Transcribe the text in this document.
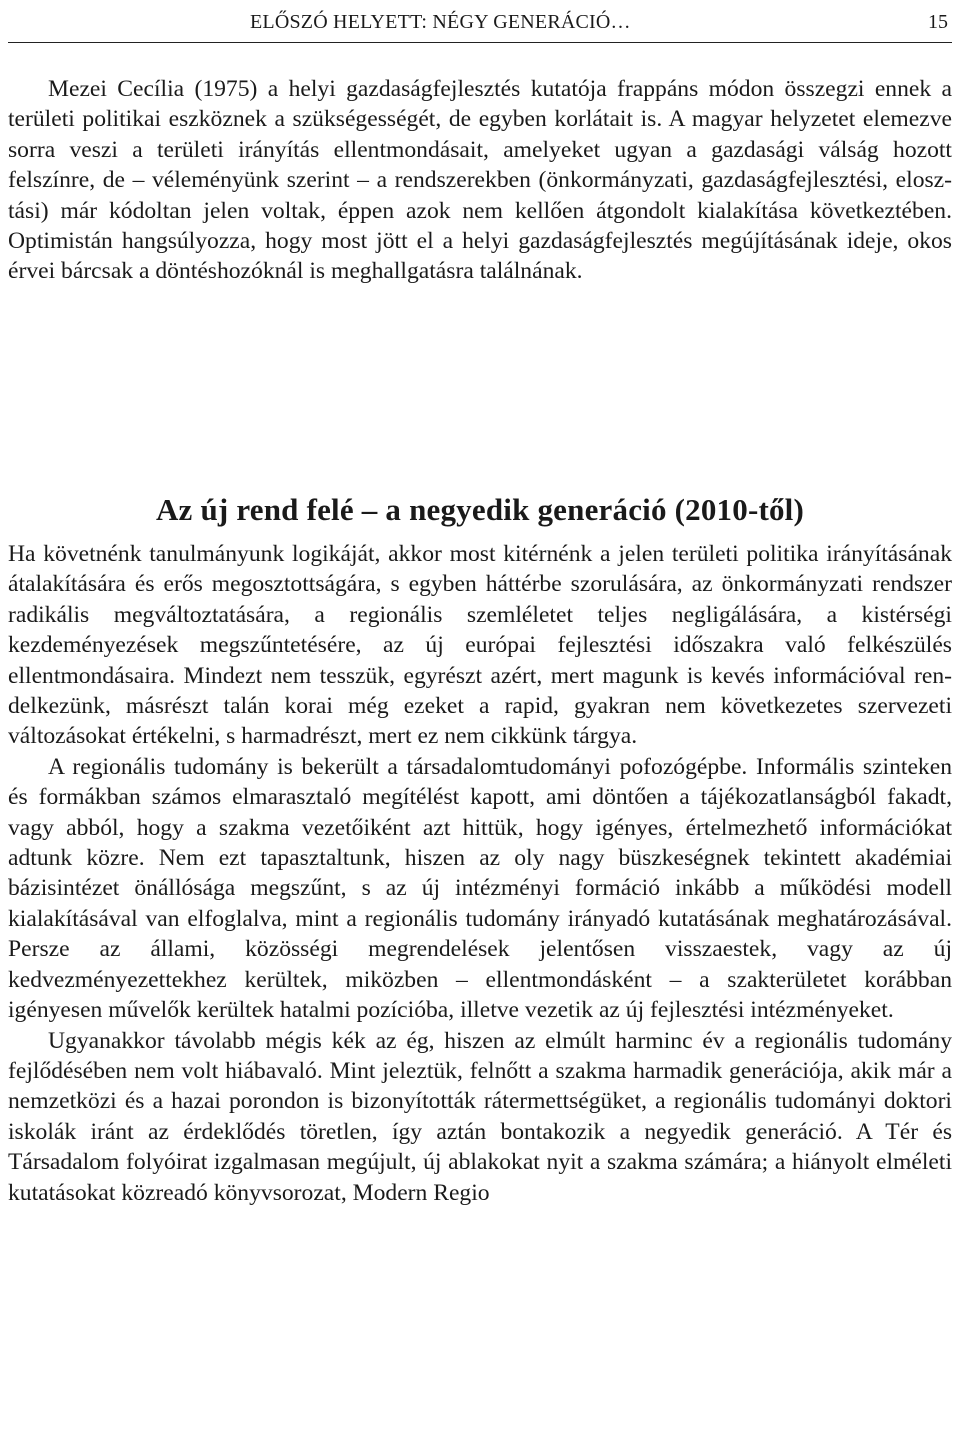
ELŐSZÓ HELYETT: NÉGY GENERÁCIÓ…	15

Mezei Cecília (1975) a helyi gazdaságfejlesztés kutatója frappáns módon összegzi ennek a területi politikai eszköznek a szükségességét, de egyben korlátait is. A magyar helyzetet elemezve sorra veszi a területi irányítás ellentmondásait, amelyeket ugyan a gazdasági válság hozott felszínre, de – véleményünk szerint – a rendszerekben (önkormányzati, gazdaságfejlesztési, elosztási) már kódoltan jelen voltak, éppen azok nem kellően átgondolt kialakítása következtében. Optimistán hangsúlyozza, hogy most jött el a helyi gazdaságfejlesztés megújításának ideje, okos érvei bárcsak a döntéshozóknál is meghallgatásra találnának.

Az új rend felé – a negyedik generáció (2010-től)

Ha követnénk tanulmányunk logikáját, akkor most kitérnénk a jelen területi politika irányításának átalakítására és erős megosztottságára, s egyben háttérbe szorulására, az önkormányzati rendszer radikális megváltoztatására, a regionális szemléletet teljes negligálására, a kistérségi kezdeményezések megszűntetésére, az új európai fejlesztési időszakra való felkészülés ellentmondásaira. Mindezt nem tesszük, egyrészt azért, mert magunk is kevés információval rendelkezünk, másrészt talán korai még ezeket a rapid, gyakran nem következetes szervezeti változásokat értékelni, s harmadrészt, mert ez nem cikkünk tárgya.

A regionális tudomány is bekerült a társadalomtudományi pofozógépbe. Informális szinteken és formákban számos elmarasztaló megítélést kapott, ami döntően a tájékozatlanságból fakadt, vagy abból, hogy a szakma vezetőiként azt hittük, hogy igényes, értelmezhető információkat adtunk közre. Nem ezt tapasztaltunk, hiszen az oly nagy büszkeségnek tekintett akadémiai bázisintézet önállósága megszűnt, s az új intézményi formáció inkább a működési modell kialakításával van elfoglalva, mint a regionális tudomány irányadó kutatásának meghatározásával. Persze az állami, közösségi megrendelések jelentősen visszaestek, vagy az új kedvezményezettekhez kerültek, miközben – ellentmondásként – a szakterületet korábban igényesen művelők kerültek hatalmi pozícióba, illetve vezetik az új fejlesztési intézményeket.

Ugyanakkor távolabb mégis kék az ég, hiszen az elmúlt harminc év a regionális tudomány fejlődésében nem volt hiábavaló. Mint jeleztük, felnőtt a szakma harmadik generációja, akik már a nemzetközi és a hazai porondon is bizonyították rátermettségüket, a regionális tudományi doktori iskolák iránt az érdeklődés töretlen, így aztán bontakozik a negyedik generáció. A Tér és Társadalom folyóirat izgalmasan megújult, új ablakokat nyit a szakma számára; a hiányolt elméleti kutatásokat közreadó könyvsorozat, Modern Regio
